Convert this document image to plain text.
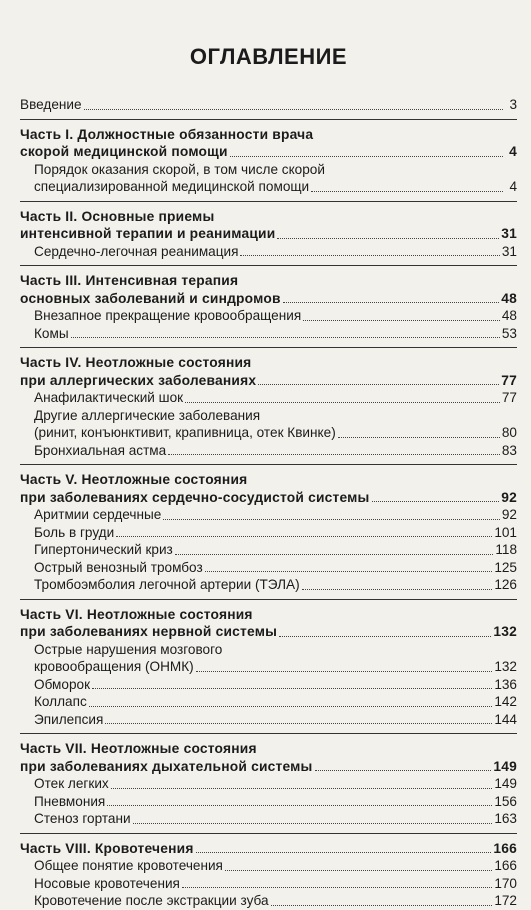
ОГЛАВЛЕНИЕ
Введение	3
Часть I. Должностные обязанности врача
скорой медицинской помощи	4
Порядок оказания скорой, в том числе скорой
специализированной медицинской помощи	4
Часть II. Основные приемы
интенсивной терапии и реанимации	31
Сердечно-легочная реанимация	31
Часть III. Интенсивная терапия
основных заболеваний и синдромов	48
Внезапное прекращение кровообращения	48
Комы	53
Часть IV. Неотложные состояния
при аллергических заболеваниях	77
Анафилактический шок	77
Другие аллергические заболевания
(ринит, конъюнктивит, крапивница, отек Квинке)	80
Бронхиальная астма	83
Часть V. Неотложные состояния
при заболеваниях сердечно-сосудистой системы	92
Аритмии сердечные	92
Боль в груди	101
Гипертонический криз	118
Острый венозный тромбоз	125
Тромбоэмболия легочной артерии (ТЭЛА)	126
Часть VI. Неотложные состояния
при заболеваниях нервной системы	132
Острые нарушения мозгового
кровообращения (ОНМК)	132
Обморок	136
Коллапс	142
Эпилепсия	144
Часть VII. Неотложные состояния
при заболеваниях дыхательной системы	149
Отек легких	149
Пневмония	156
Стеноз гортани	163
Часть VIII. Кровотечения	166
Общее понятие кровотечения	166
Носовые кровотечения	170
Кровотечение после экстракции зуба	172
